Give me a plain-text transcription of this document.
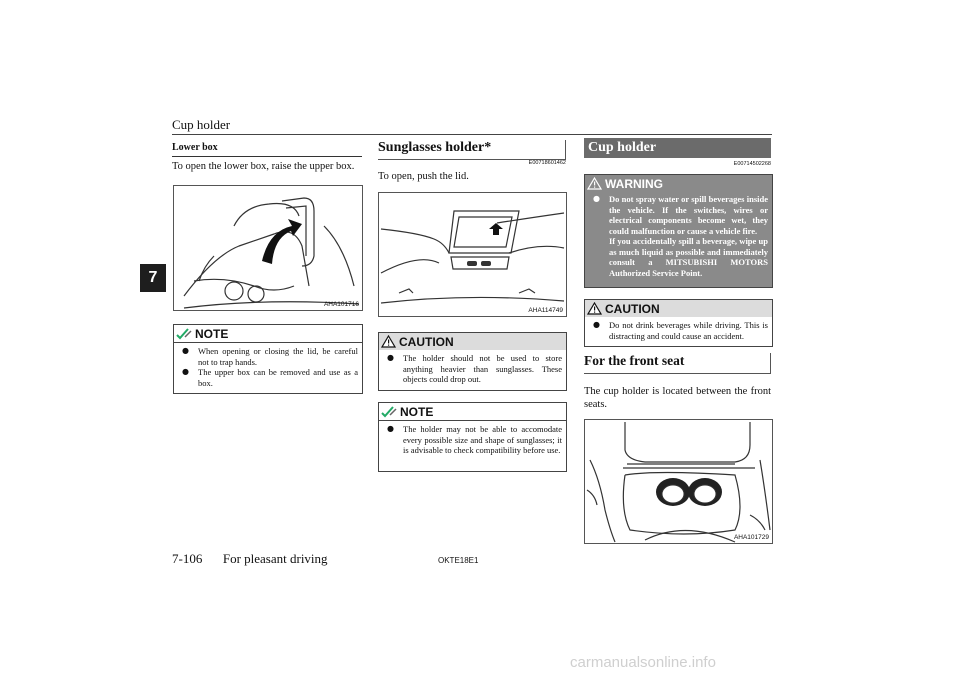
Cup holder
7
Lower box
To open the lower box, raise the upper box.
AHA101716
NOTE
● When opening or closing the lid, be careful not to trap hands.
● The upper box can be removed and use as a box.
Sunglasses holder*
E00718601462
To open, push the lid.
AHA114749
CAUTION
● The holder should not be used to store anything heavier than sunglasses. These objects could drop out.
NOTE
● The holder may not be able to accomodate every possible size and shape of sunglasses; it is advisable to check compatibility before use.
Cup holder
E00714502268
WARNING
● Do not spray water or spill beverages inside the vehicle. If the switches, wires or electrical components become wet, they could malfunction or cause a vehicle fire.
If you accidentally spill a beverage, wipe up as much liquid as possible and immediately consult a MITSUBISHI MOTORS Authorized Service Point.
CAUTION
● Do not drink beverages while driving. This is distracting and could cause an accident.
For the front seat
The cup holder is located between the front seats.
AHA101729
7-106 For pleasant driving	OKTE18E1
carmanualsonline.info
